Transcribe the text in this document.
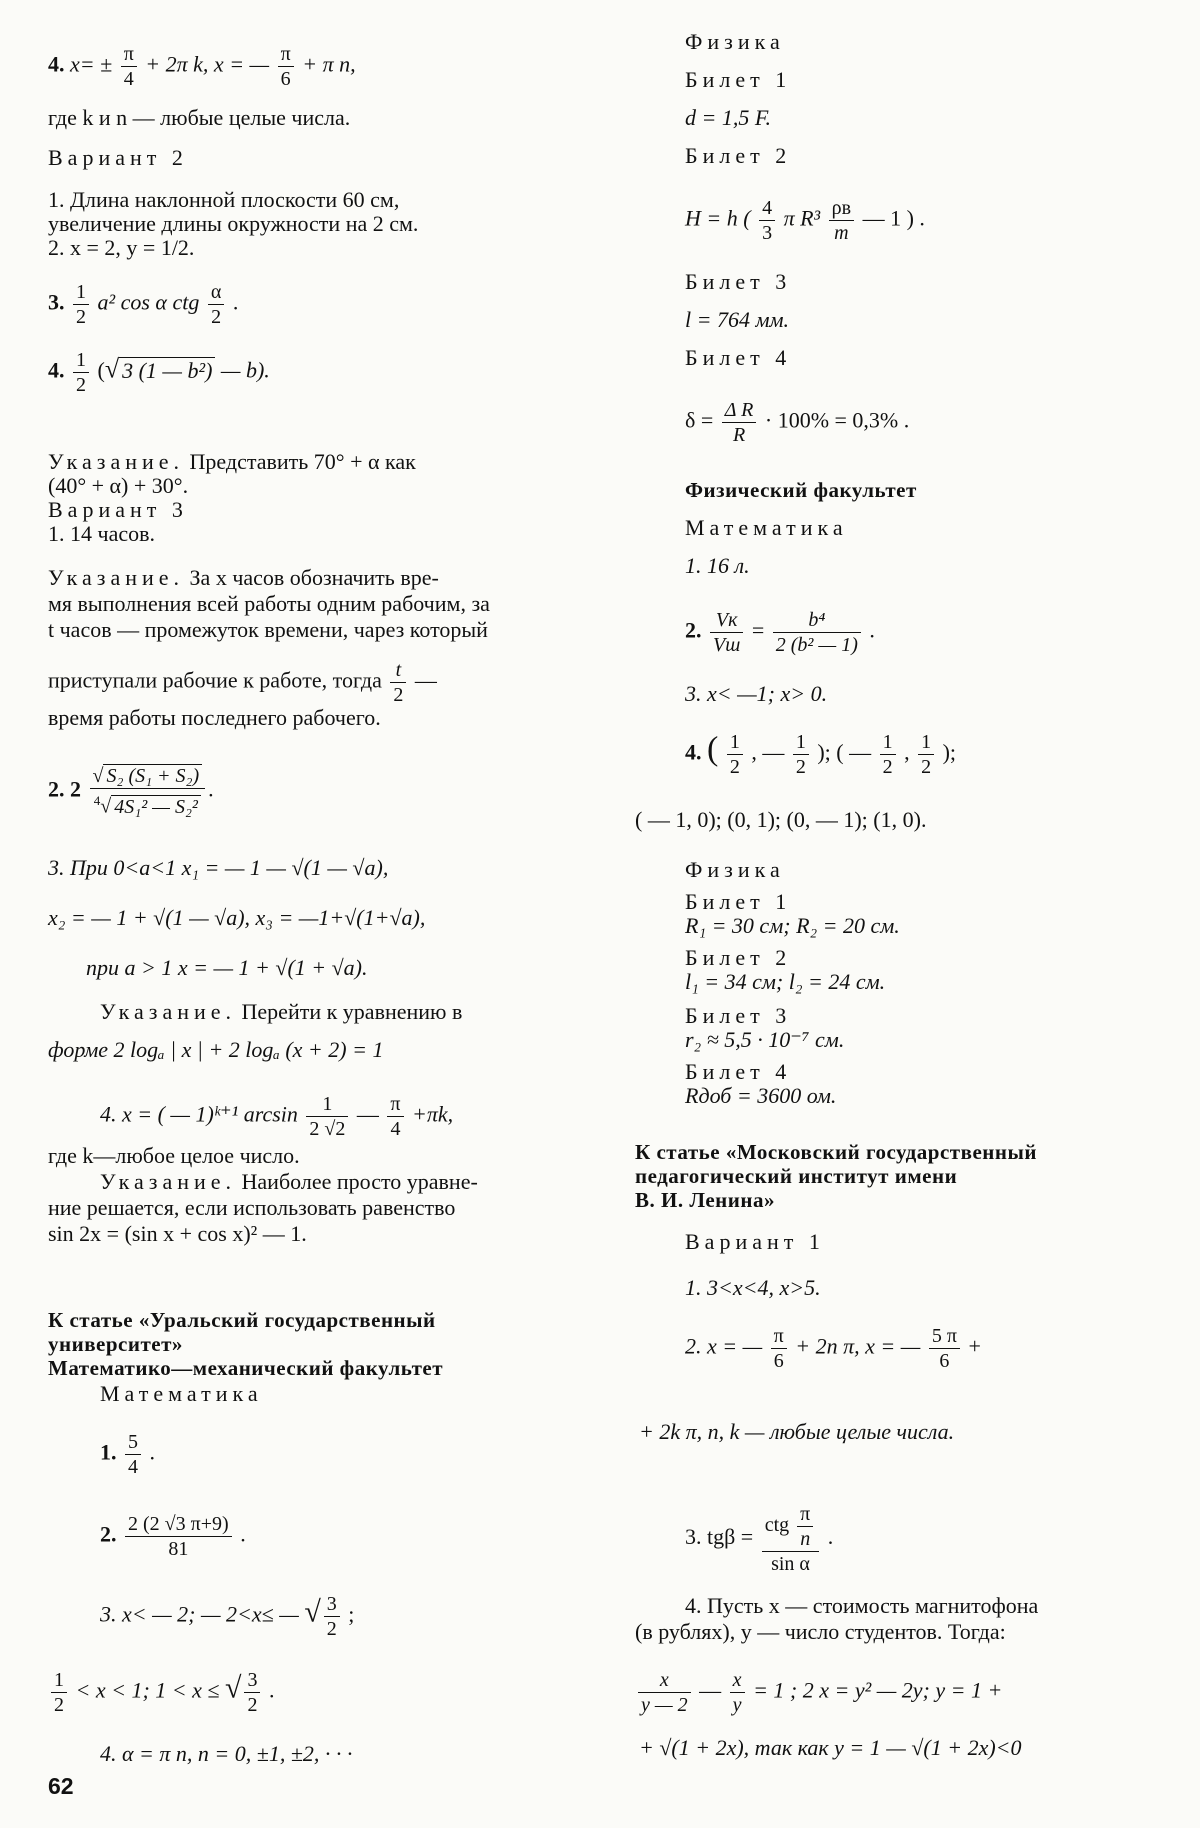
4. $x= \pm \frac{\pi}{4} + 2\pi$ k, x = — $\frac{\pi}{6} + \pi$ n,
где k и n — любые целые числа.
Вариант 2
1. Длина наклонной плоскости 60 см,
увеличение длины окружности на 2 см.
2. x = 2, y = 1/2.
3. $\frac{1}{2} a^2$ cos α ctg $\frac{\alpha}{2}$ .
4. $\frac{1}{2}$ (√ 3 (1 — b²) — b).
Указание. Представить 70° + α как
(40° + α) + 30°.
Вариант 3
1. 14 часов.
Указание. За x часов обозначить вре-
мя выполнения всей работы одним рабочим, за
t часов — промежуток времени, чарез который
приступали рабочие к рабoте, тогда $\frac{t}{2}$ —
время работы последнего рабочего.
2. $2 \frac{\text{√ S₂ (S₁ + S₂)}}{^4√ 4S_1^2 — S_2^2}$ .
3. При 0<a<1 x₁ = — 1 — √(1 — √a),
x₂ = — 1 + √(1 — √a), x₃ = —1+√(1+√a),
при a > 1 x = — 1 + √(1 + √a).
Указание. Перейти к уравнению в
форме 2 logₐ | x | + 2 logₐ (x + 2) = 1
4. x = ( — 1)ᵏ⁺¹ $\arcsin \frac{1}{2 √2}$ — $\frac{\pi}{4} +\pi k$,
где k—любое целое число.
Указание. Наиболее просто уравне-
ние решается, если использовать равенство
sin 2x = (sin x + cos x)² — 1.
К статье «Уральский государственный
университет»
Математико—механический факультет
Математика
1. $\frac{5}{4}$ .
2. $\frac{2 (2 √3 \pi+9)}{81}$ .
3. x< — 2; — 2<x≤ — √ $\frac{3}{2}$ ;
$\frac{1}{2} < x < 1$; 1 < x ≤ √ $\frac{3}{2}$ .
4. α = π n, n = 0, ±1, ±2, · · ·
Физика
Билет 1
d = 1,5 F.
Билет 2
H = h ( $\frac{4}{3}$ π R³ ρв
m
— 1 ) .
Билет 3
l = 764 мм.
Билет 4
$\delta = \frac{\text{Δ R}}{R} \cdot 100\% = 0,3\%$ .
Физический факультет
Математика
1. 16 л.
2. Vк
Vш
= $\frac{\text{b⁴}}{\text{2 (b² — 1)}}$ .
3. x< —1; x> 0.
4. ( $\frac{1}{2}$ , — $\frac{1}{2}$ ); ( — $\frac{1}{2}$ , $\frac{1}{2}$ );
( — 1, 0); (0, 1); (0, — 1); (1, 0).
Физика
Билет 1
R₁ = 30 см; R₂ = 20 см.
Билет 2
l₁ = 34 см; l₂ = 24 см.
Билет 3
r₂ ≈ 5,5 · 10⁻⁷ см.
Билет 4
Rдоб = 3600 ом.
К статье «Московский государственный
педагогический институт имени
В. И. Ленина»
Вариант 1
1. 3<x<4, x>5.
2. x = — $\frac{\pi}{6} + 2n$ π, x = — $\frac{5 \pi}{6}$ +
+ 2k π, n, k — любые целые числа.
3. tgβ = ctg $\frac{\pi}{n}$
sin α
.
4. Пусть x — стоимость магнитофона
(в рублях), y — число студентов. Тогда:
$\frac{x}{y — 2}$ — $\frac{x}{y} = 1$ ; 2 x = y² — 2y; y = 1 +
+ √(1 + 2x), так как y = 1 — √(1 + 2x)<0
62
